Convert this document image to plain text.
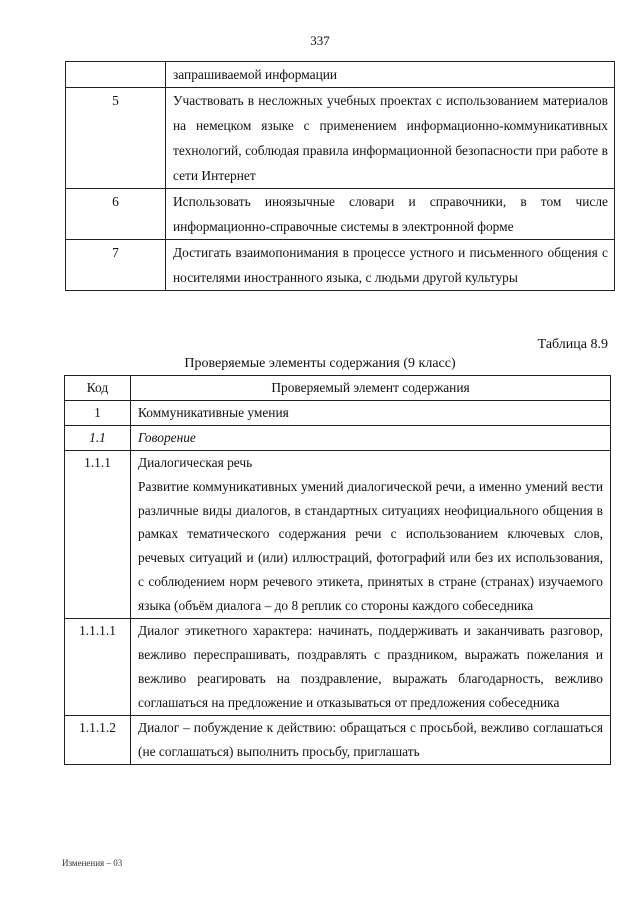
337
	запрашиваемой информации
5	Участвовать в несложных учебных проектах с использованием материалов на немецком языке с применением информационно-коммуникативных технологий, соблюдая правила информационной безопасности при работе в сети Интернет
6	Использовать иноязычные словари и справочники, в том числе информационно-справочные системы в электронной форме
7	Достигать взаимопонимания в процессе устного и письменного общения с носителями иностранного языка, с людьми другой культуры
Таблица 8.9
Проверяемые элементы содержания (9 класс)
Код	Проверяемый элемент содержания
1	Коммуникативные умения
1.1	Говорение
1.1.1	Диалогическая речь
Развитие коммуникативных умений диалогической речи, а именно умений вести различные виды диалогов, в стандартных ситуациях неофициального общения в рамках тематического содержания речи с использованием ключевых слов, речевых ситуаций и (или) иллюстраций, фотографий или без их использования, с соблюдением норм речевого этикета, принятых в стране (странах) изучаемого языка (объём диалога – до 8 реплик со стороны каждого собеседника

1.1.1.1	Диалог этикетного характера: начинать, поддерживать и заканчивать разговор, вежливо переспрашивать, поздравлять с праздником, выражать пожелания и вежливо реагировать на поздравление, выражать благодарность, вежливо соглашаться на предложение и отказываться от предложения собеседника
1.1.1.2	Диалог – побуждение к действию: обращаться с просьбой, вежливо соглашаться (не соглашаться) выполнить просьбу, приглашать
Изменения – 03
